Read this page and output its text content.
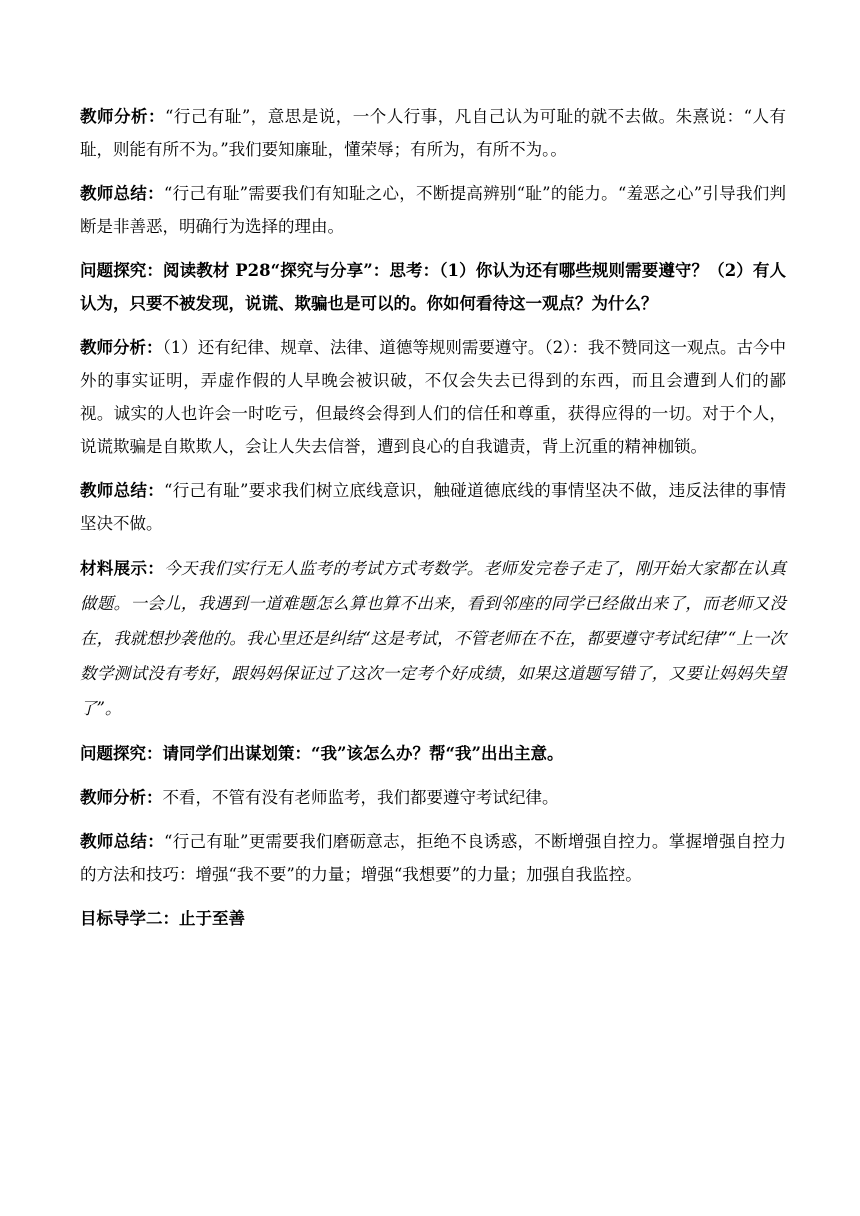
教师分析：“行己有耻”，意思是说，一个人行事，凡自己认为可耻的就不去做。朱熹说：“人有耻，则能有所不为。”我们要知廉耻，懂荣辱；有所为，有所不为。。

教师总结：“行己有耻”需要我们有知耻之心，不断提高辨别“耻”的能力。“羞恶之心”引导我们判断是非善恶，明确行为选择的理由。

问题探究：阅读教材 P28“探究与分享”：思考：（1）你认为还有哪些规则需要遵守？（2）有人认为，只要不被发现，说谎、欺骗也是可以的。你如何看待这一观点？为什么？

教师分析：（1）还有纪律、规章、法律、道德等规则需要遵守。（2）：我不赞同这一观点。古今中外的事实证明，弄虚作假的人早晚会被识破，不仅会失去已得到的东西，而且会遭到人们的鄙视。诚实的人也许会一时吃亏，但最终会得到人们的信任和尊重，获得应得的一切。对于个人，说谎欺骗是自欺欺人，会让人失去信誉，遭到良心的自我谴责，背上沉重的精神枷锁。

教师总结：“行己有耻”要求我们树立底线意识，触碰道德底线的事情坚决不做，违反法律的事情坚决不做。

材料展示：今天我们实行无人监考的考试方式考数学。老师发完卷子走了，刚开始大家都在认真做题。一会儿，我遇到一道难题怎么算也算不出来，看到邻座的同学已经做出来了，而老师又没在，我就想抄袭他的。我心里还是纠结“这是考试，不管老师在不在，都要遵守考试纪律”“上一次数学测试没有考好，跟妈妈保证过了这次一定考个好成绩，如果这道题写错了，又要让妈妈失望了”。

问题探究：请同学们出谋划策：“我”该怎么办？帮“我”出出主意。

教师分析：不看，不管有没有老师监考，我们都要遵守考试纪律。

教师总结：“行己有耻”更需要我们磨砺意志，拒绝不良诱惑，不断增强自控力。掌握增强自控力的方法和技巧：增强“我不要”的力量；增强“我想要”的力量；加强自我监控。

目标导学二：止于至善
